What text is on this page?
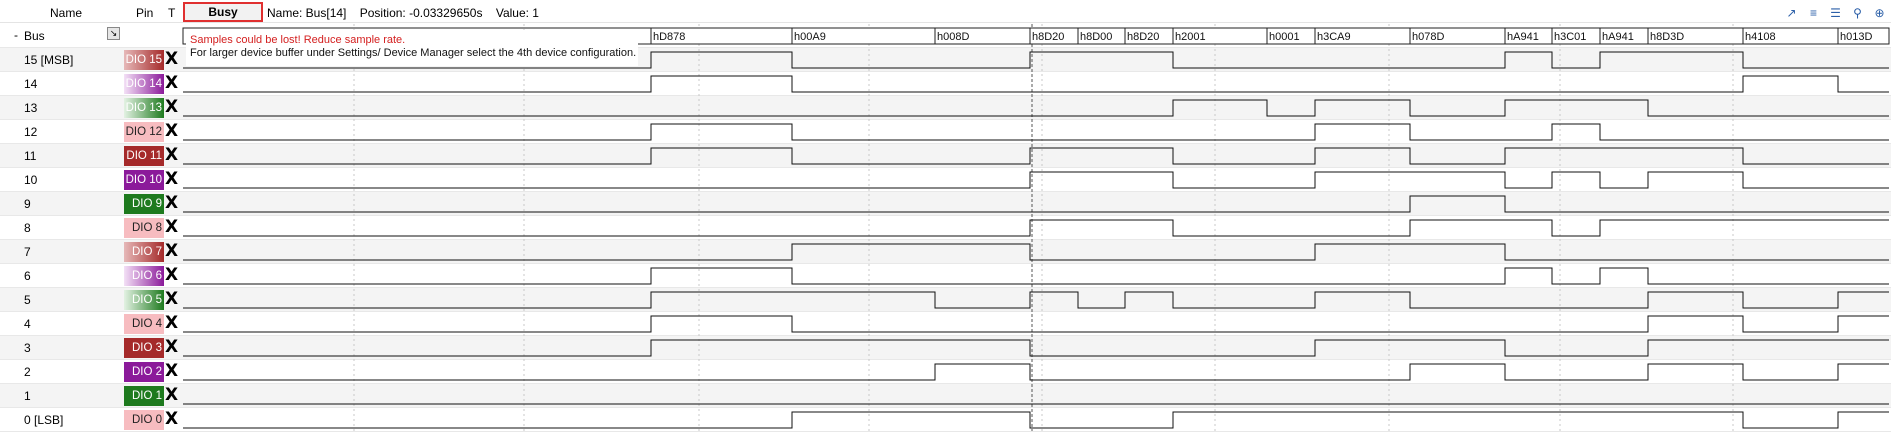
Name	Pin T	Busy	Name: Bus[14] Position: -0.03329650s Value: 1	↗	≡	☰	⚲	⊕
- Bus	↘
15 [MSB]	DIO 15 X
14	DIO 14 X
13	DIO 13 X
12	DIO 12 X
11	DIO 11 X
10	DIO 10 X
9	DIO 9 X
8	DIO 8 X
7	DIO 7 X
6	DIO 6 X
5	DIO 5 X
4	DIO 4 X
3	DIO 3 X
2	DIO 2 X
1	DIO 1 X
0 [LSB]	DIO 0 X
hD878	h00A9	h008D	h8D20 h8D00 h8D20 h2001	h0001 h3CA9	h078D	hA941 h3C01 hA941 h8D3D	h4108	h013D
Samples could be lost! Reduce sample rate.
For larger device buffer under Settings/ Device Manager select the 4th device configuration.
